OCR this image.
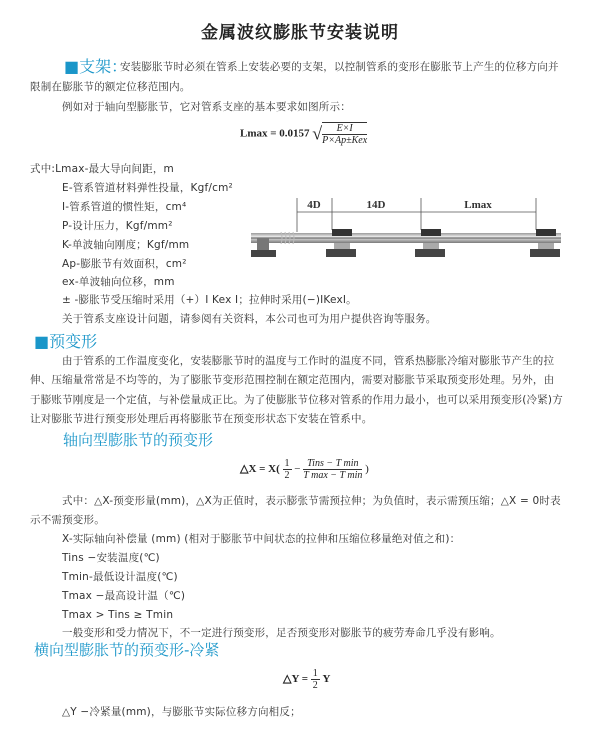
金属波纹膨胀节安装说明
■支架：
安装膨胀节时必须在管系上安装必要的支架，以控制管系的变形在膨胀节上产生的位移方向并
限制在膨胀节的额定位移范围内。
例如对于轴向型膨胀节，它对管系支座的基本要求如图所示：
Lmax = 0.0157 √ $\frac{E\times I}{\text{P×Ap±Kex}}$
式中:Lmax-最大导向间距，m
E-管系管道材料弹性投量，Kgf/cm²
I-管系管道的惯性矩，cm⁴
P-设计压力，Kgf/mm²
K-单波轴向刚度；Kgf/mm
Ap-膨胀节有效面积，cm²
ex-单波轴向位移，mm
± -膨胀节受压缩时采用（+）I Kex I；拉伸时采用(−)IKexI。
关于管系支座设计问题，请参阅有关资料，本公司也可为用户提供咨询等服务。
4D	14D	Lmax
■预变形
由于管系的工作温度变化，安装膨胀节时的温度与工作时的温度不同，管系热膨胀冷缩对膨胀节产生的拉
伸、压缩量常常是不均等的，为了膨胀节变形范围控制在额定范围内，需要对膨胀节采取预变形处理。另外，由
于膨账节刚度是一个定值，与补偿量成正比。为了使膨胀节位移对管系的作用力最小，也可以采用预变形(冷紧)方
让对膨胀节进行预变形处理后再将膨胀节在预变形状态下安装在管系中。
轴向型膨胀节的预变形
△X = $X( \frac{1}{2} - \frac{\text{Tins − T min}}{\text{T max − T min}}$ )
式中：△X-预变形量(mm)，△X为正值时，表示膨张节需预拉伸；为负值时，表示需预压缩；△X = 0时表
示不需预变形。
X-实际轴向补偿量 (mm) (相对于膨胀节中间状态的拉伸和压缩位移量绝对值之和)：
Tins −安装温度(℃)
Tmin-最低设计温度(℃)
Tmax −最高设计温（℃)
Tmax > Tins ≥ Tmin
一般变形和受力情况下，不一定进行预变形，足否预变形对膨胀节的疲劳寿命几乎没有影响。
横向型膨胀节的预变形-冷紧
△Y = $\frac{1}{2}$ Y
△Y −冷紧量(mm)，与膨胀节实际位移方向相反；
